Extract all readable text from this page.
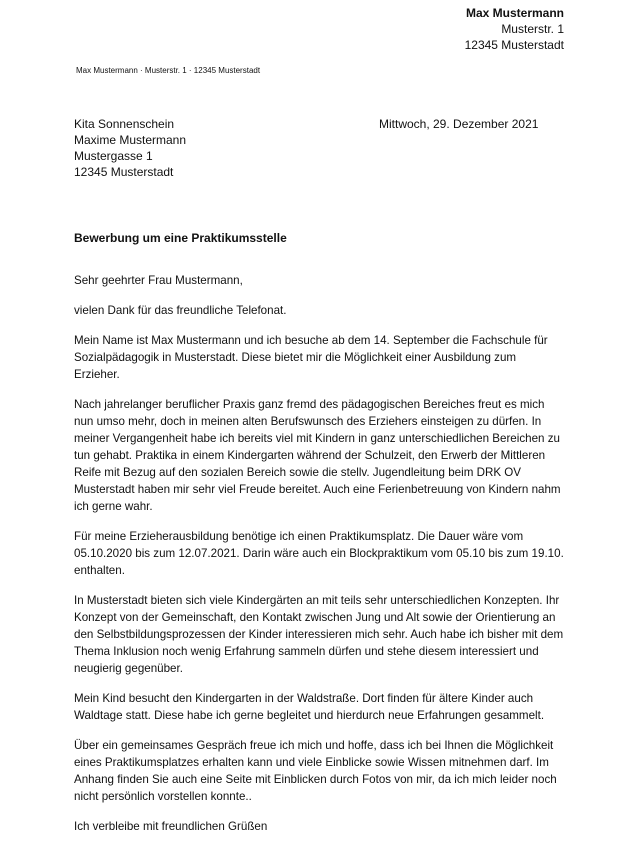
Max Mustermann
Musterstr. 1
12345 Musterstadt
Max Mustermann · Musterstr. 1 · 12345 Musterstadt
Kita Sonnenschein
Maxime Mustermann
Mustergasse 1
12345 Musterstadt
Mittwoch, 29. Dezember 2021
Bewerbung um eine Praktikumsstelle

Sehr geehrter Frau Mustermann,

vielen Dank für das freundliche Telefonat.

Mein Name ist Max Mustermann und ich besuche ab dem 14. September die Fachschule für Sozialpädagogik in Musterstadt. Diese bietet mir die Möglichkeit einer Ausbildung zum Erzieher.

Nach jahrelanger beruflicher Praxis ganz fremd des pädagogischen Bereiches freut es mich nun umso mehr, doch in meinen alten Berufswunsch des Erziehers einsteigen zu dürfen. In meiner Vergangenheit habe ich bereits viel mit Kindern in ganz unterschiedlichen Bereichen zu tun gehabt. Praktika in einem Kindergarten während der Schulzeit, den Erwerb der Mittleren Reife mit Bezug auf den sozialen Bereich sowie die stellv. Jugendleitung beim DRK OV Musterstadt haben mir sehr viel Freude bereitet. Auch eine Ferienbetreuung von Kindern nahm ich gerne wahr.

Für meine Erzieherausbildung benötige ich einen Praktikumsplatz. Die Dauer wäre vom 05.10.2020 bis zum 12.07.2021. Darin wäre auch ein Blockpraktikum vom 05.10 bis zum 19.10. enthalten.

In Musterstadt bieten sich viele Kindergärten an mit teils sehr unterschiedlichen Konzepten. Ihr Konzept von der Gemeinschaft, den Kontakt zwischen Jung und Alt sowie der Orientierung an den Selbstbildungsprozessen der Kinder interessieren mich sehr. Auch habe ich bisher mit dem Thema Inklusion noch wenig Erfahrung sammeln dürfen und stehe diesem interessiert und neugierig gegenüber.

Mein Kind besucht den Kindergarten in der Waldstraße. Dort finden für ältere Kinder auch Waldtage statt. Diese habe ich gerne begleitet und hierdurch neue Erfahrungen gesammelt.

Über ein gemeinsames Gespräch freue ich mich und hoffe, dass ich bei Ihnen die Möglichkeit eines Praktikumsplatzes erhalten kann und viele Einblicke sowie Wissen mitnehmen darf. Im Anhang finden Sie auch eine Seite mit Einblicken durch Fotos von mir, da ich mich leider noch nicht persönlich vorstellen konnte..

Ich verbleibe mit freundlichen Grüßen
